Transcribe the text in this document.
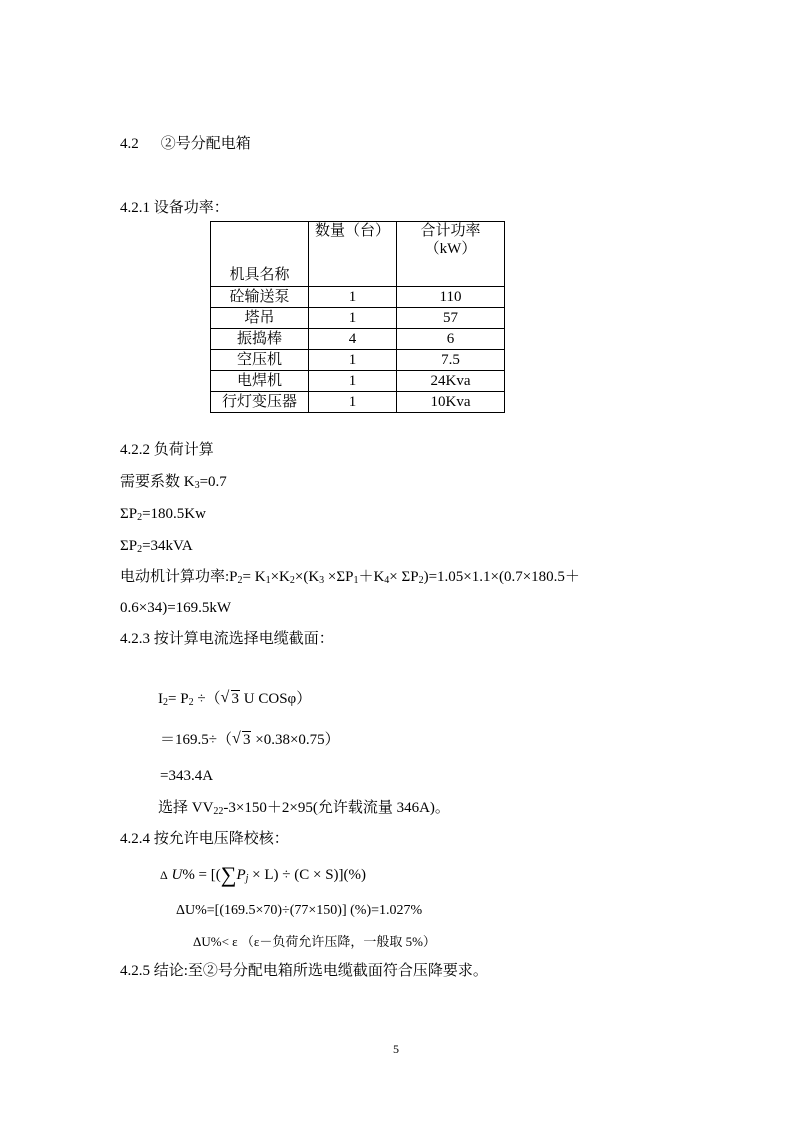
4.2 ②号分配电箱
4.2.1 设备功率：
机具名称	数量（台）	合计功率
（kW）

砼输送泵	1	110
塔吊	1	57
振捣棒	4	6
空压机	1	7.5
电焊机	1	24Kva
行灯变压器	1	10Kva
4.2.2 负荷计算
需要系数 $K_3=0.7$
$\Sigma P_2=180.5Kw$
$\Sigma P_2=34kVA$
电动机计算功率$:P_2= K_1\times K_2\times(K_3 \times\Sigma P_1+K_4\times \Sigma P_2)=1.05\times 1.1\times(0.7\times 180.5+$
0.6×34)=169.5kW
4.2.3 按计算电流选择电缆截面：
$I_2= P_2$ ÷（ √ 3 U COSφ）
＝169.5÷（ √ 3 ×0.38×0.75）
=343.4A
选择 $VV_{22}-3\times 150+2\times 95$(允许载流量 346A)。
4.2.4 按允许电压降校核：
Δ $U\% = [(\sum P_j \times L) \div (C \times S)](\%)$
ΔU%=[(169.5×70)÷(77×150)] (%)=1.027%
ΔU%< ε （ε－负荷允许压降，一般取 5%）
4.2.5 结论:至②号分配电箱所选电缆截面符合压降要求。
5
